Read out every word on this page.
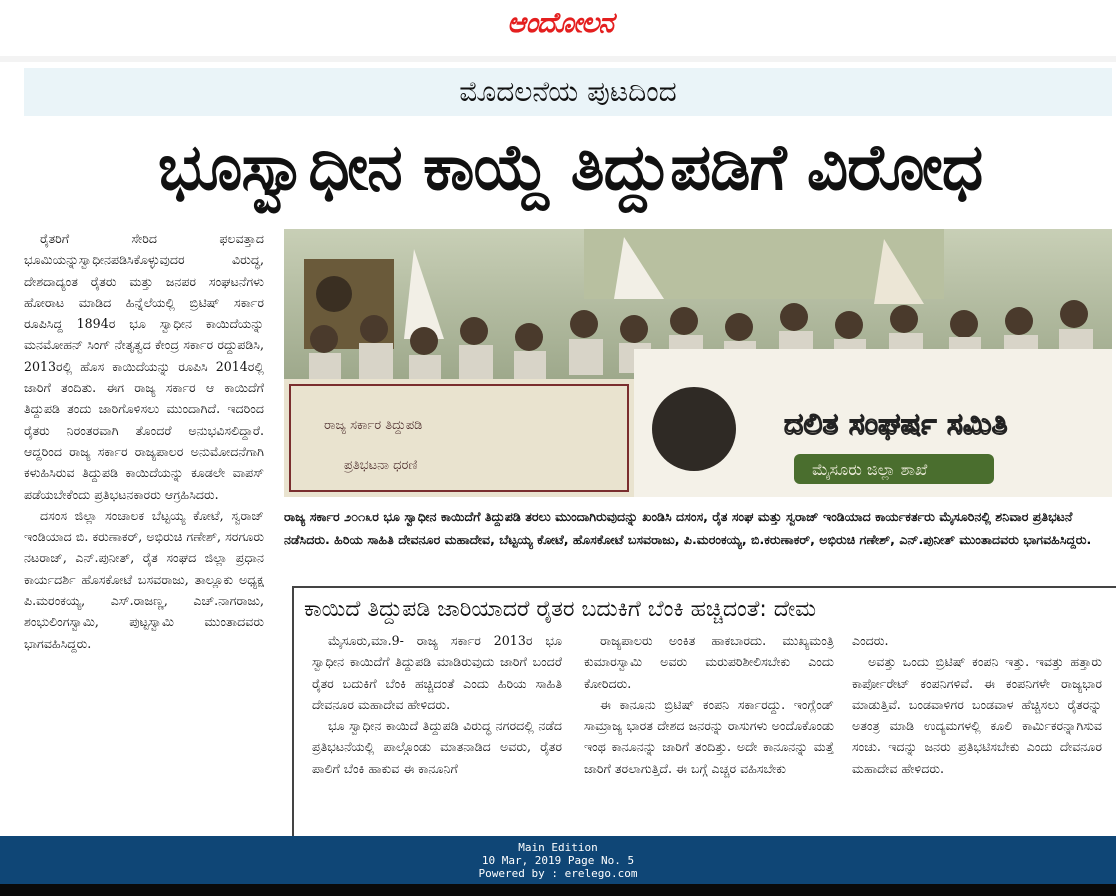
ಆಂದೋಲನ
ಮೊದಲನೆಯ ಪುಟದಿಂದ
ಭೂಸ್ವಾಧೀನ ಕಾಯ್ದೆ ತಿದ್ದುಪಡಿಗೆ ವಿರೋಧ

ರೈತರಿಗೆ ಸೇರಿದ ಫಲವತ್ತಾದ ಭೂಮಿಯನ್ನುಸ್ವಾಧೀನಪಡಿಸಿಕೊಳ್ಳುವುದರ ವಿರುದ್ಧ, ದೇಶದಾದ್ಯಂತ ರೈತರು ಮತ್ತು ಜನಪರ ಸಂಘಟನೆಗಳು ಹೋರಾಟ ಮಾಡಿದ ಹಿನ್ನೆಲೆಯಲ್ಲಿ ಬ್ರಿಟಿಷ್ ಸರ್ಕಾರ ರೂಪಿಸಿದ್ದ 1894ರ ಭೂ ಸ್ವಾಧೀನ ಕಾಯಿದೆಯನ್ನು ಮನಮೋಹನ್ ಸಿಂಗ್ ನೇತೃತ್ವದ ಕೇಂದ್ರ ಸರ್ಕಾರ ರದ್ದುಪಡಿಸಿ, 2013ರಲ್ಲಿ ಹೊಸ ಕಾಯಿದೆಯನ್ನು ರೂಪಿಸಿ 2014ರಲ್ಲಿ ಜಾರಿಗೆ ತಂದಿತು. ಈಗ ರಾಜ್ಯ ಸರ್ಕಾರ ಆ ಕಾಯಿದೆಗೆ ತಿದ್ದುಪಡಿ ತಂದು ಜಾರಿಗೊಳಿಸಲು ಮುಂದಾಗಿದೆ. ಇದರಿಂದ ರೈತರು ನಿರಂತರವಾಗಿ ತೊಂದರೆ ಅನುಭವಿಸಲಿದ್ದಾರೆ. ಆದ್ದರಿಂದ ರಾಜ್ಯ ಸರ್ಕಾರ ರಾಜ್ಯಪಾಲರ ಅನುಮೋದನೆಗಾಗಿ ಕಳುಹಿಸಿರುವ ತಿದ್ದುಪಡಿ ಕಾಯಿದೆಯನ್ನು ಕೂಡಲೇ ವಾಪಸ್ ಪಡೆಯಬೇಕೆಂದು ಪ್ರತಿಭಟನಕಾರರು ಆಗ್ರಹಿಸಿದರು.

ದಸಂಸ ಜಿಲ್ಲಾ ಸಂಚಾಲಕ ಬೆಟ್ಟಯ್ಯ ಕೋಟೆ, ಸ್ವರಾಜ್ ಇಂಡಿಯಾದ ಬಿ. ಕರುಣಾಕರ್, ಅಭಿರುಚಿ ಗಣೇಶ್, ಸರಗೂರು ನಟರಾಜ್, ಎನ್.ಪುನೀತ್, ರೈತ ಸಂಘದ ಜಿಲ್ಲಾ ಪ್ರಧಾನ ಕಾರ್ಯದರ್ಶಿ ಹೊಸಕೋಟೆ ಬಸವರಾಜು, ತಾಲ್ಲೂಕು ಅಧ್ಯಕ್ಷ ಪಿ.ಮರಂಕಯ್ಯ, ಎಸ್.ರಾಜಣ್ಣ, ಎಚ್.ನಾಗರಾಜು, ಶಂಭುಲಿಂಗಸ್ವಾಮಿ, ಪುಟ್ಟಸ್ವಾಮಿ ಮುಂತಾದವರು ಭಾಗವಹಿಸಿದ್ದರು.

ರಾಜ್ಯ ಸರ್ಕಾರ ತಿದ್ದುಪಡಿ
ಪ್ರತಿಭಟನಾ ಧರಣಿ
ದಲಿತ ಸಂಘರ್ಷ ಸಮಿತಿ
ಮೈಸೂರು ಜಿಲ್ಲಾ ಶಾಖೆ
ರಾಜ್ಯ ಸರ್ಕಾರ ೨೦೧೩ರ ಭೂ ಸ್ವಾಧೀನ ಕಾಯಿದೆಗೆ ತಿದ್ದುಪಡಿ ತರಲು ಮುಂದಾಗಿರುವುದನ್ನು ಖಂಡಿಸಿ ದಸಂಸ, ರೈತ ಸಂಘ ಮತ್ತು ಸ್ವರಾಜ್ ಇಂಡಿಯಾದ ಕಾರ್ಯಕರ್ತರು ಮೈಸೂರಿನಲ್ಲಿ ಶನಿವಾರ ಪ್ರತಿಭಟನೆ ನಡೆಸಿದರು. ಹಿರಿಯ ಸಾಹಿತಿ ದೇವನೂರ ಮಹಾದೇವ, ಬೆಟ್ಟಯ್ಯ ಕೋಟೆ, ಹೊಸಕೋಟೆ ಬಸವರಾಜು, ಪಿ.ಮರಂಕಯ್ಯ, ಬಿ.ಕರುಣಾಕರ್, ಅಭಿರುಚಿ ಗಣೇಶ್, ಎನ್.ಪುನೀತ್ ಮುಂತಾದವರು ಭಾಗವಹಿಸಿದ್ದರು.
ಕಾಯಿದೆ ತಿದ್ದುಪಡಿ ಜಾರಿಯಾದರೆ ರೈತರ ಬದುಕಿಗೆ ಬೆಂಕಿ ಹಚ್ಚಿದಂತೆ: ದೇಮ

ಮೈಸೂರು,ಮಾ.9- ರಾಜ್ಯ ಸರ್ಕಾರ 2013ರ ಭೂ ಸ್ವಾಧೀನ ಕಾಯಿದೆಗೆ ತಿದ್ದುಪಡಿ ಮಾಡಿರುವುದು ಜಾರಿಗೆ ಬಂದರೆ ರೈತರ ಬದುಕಿಗೆ ಬೆಂಕಿ ಹಚ್ಚಿದಂತೆ ಎಂದು ಹಿರಿಯ ಸಾಹಿತಿ ದೇವನೂರ ಮಹಾದೇವ ಹೇಳಿದರು.

ಭೂ ಸ್ವಾಧೀನ ಕಾಯಿದೆ ತಿದ್ದುಪಡಿ ವಿರುದ್ಧ ನಗರದಲ್ಲಿ ನಡೆದ ಪ್ರತಿಭಟನೆಯಲ್ಲಿ ಪಾಲ್ಗೊಂಡು ಮಾತನಾಡಿದ ಅವರು, ರೈತರ ಪಾಲಿಗೆ ಬೆಂಕಿ ಹಾಕುವ ಈ ಕಾನೂನಿಗೆ

ರಾಜ್ಯಪಾಲರು ಅಂಕಿತ ಹಾಕಬಾರದು. ಮುಖ್ಯಮಂತ್ರಿ ಕುಮಾರಸ್ವಾಮಿ ಅವರು ಮರುಪರಿಶೀಲಿಸಬೇಕು ಎಂದು ಕೋರಿದರು.

ಈ ಕಾನೂನು ಬ್ರಿಟಿಷ್ ಕಂಪನಿ ಸರ್ಕಾರದ್ದು. ಇಂಗ್ಲೆಂಡ್ ಸಾಮ್ರಾಜ್ಯ ಭಾರತ ದೇಶದ ಜನರನ್ನು ರಾಸುಗಳು ಅಂದೊಕೊಂಡು ಇಂಥ ಕಾನೂನನ್ನು ಜಾರಿಗೆ ತಂದಿತ್ತು. ಅದೇ ಕಾನೂನನ್ನು ಮತ್ತೆ ಜಾರಿಗೆ ತರಲಾಗುತ್ತಿದೆ. ಈ ಬಗ್ಗೆ ಎಚ್ಚರ ವಹಿಸಬೇಕು

ಎಂದರು.

ಅವತ್ತು ಒಂದು ಬ್ರಿಟಿಷ್ ಕಂಪನಿ ಇತ್ತು. ಇವತ್ತು ಹತ್ತಾರು ಕಾರ್ಪೋರೇಟ್ ಕಂಪನಿಗಳಿವೆ. ಈ ಕಂಪನಿಗಳೇ ರಾಜ್ಯಭಾರ ಮಾಡುತ್ತಿವೆ. ಬಂಡವಾಳಿಗರ ಬಂಡವಾಳ ಹೆಚ್ಚಿಸಲು ರೈತರನ್ನು ಅತಂತ್ರ ಮಾಡಿ ಉದ್ಯಮಗಳಲ್ಲಿ ಕೂಲಿ ಕಾರ್ಮಿಕರನ್ನಾಗಿಸುವ ಸಂಚು. ಇದನ್ನು ಜನರು ಪ್ರತಿಭಟಿಸಬೇಕು ಎಂದು ದೇವನೂರ ಮಹಾದೇವ ಹೇಳಿದರು.

Main Edition
10 Mar, 2019 Page No. 5
Powered by : erelego.com
